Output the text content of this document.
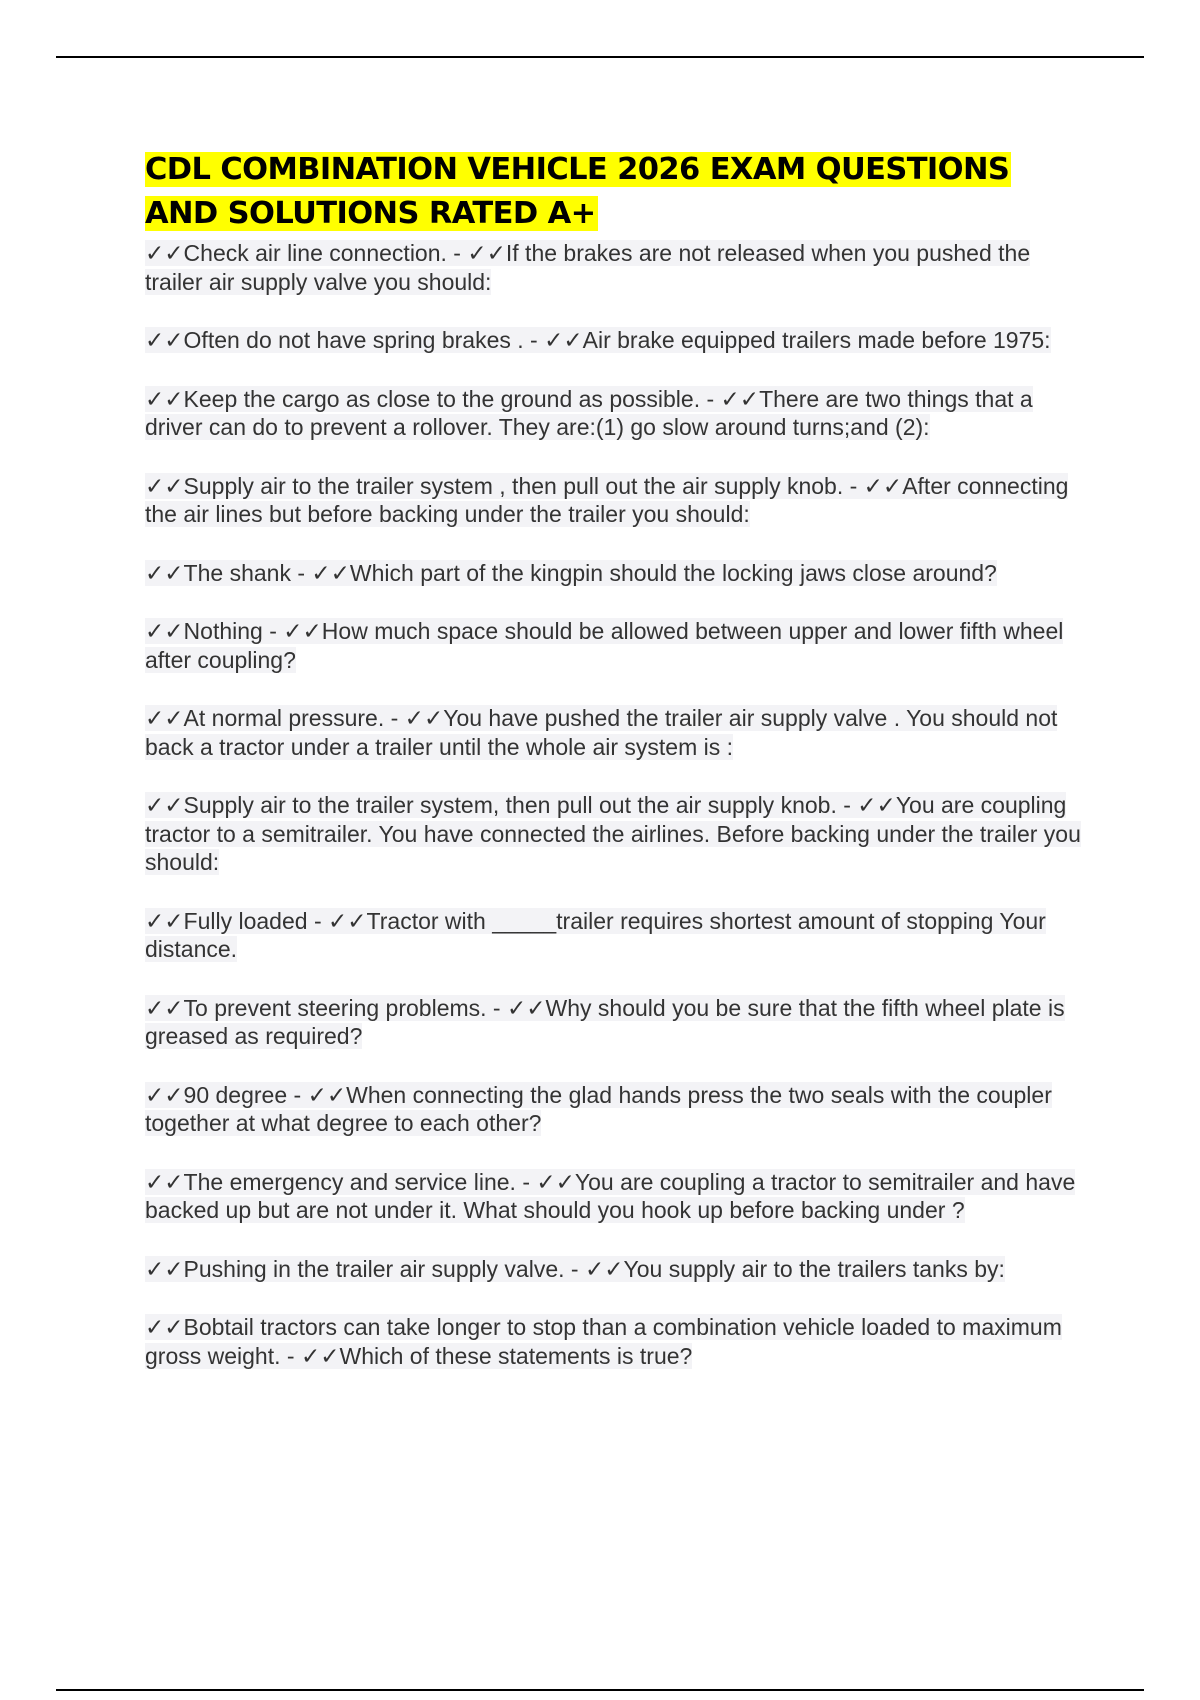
CDL COMBINATION VEHICLE 2026 EXAM QUESTIONS AND SOLUTIONS RATED A+

✓✓Check air line connection. - ✓✓If the brakes are not released when you pushed the trailer air supply valve you should:

✓✓Often do not have spring brakes . - ✓✓Air brake equipped trailers made before 1975:

✓✓Keep the cargo as close to the ground as possible. - ✓✓There are two things that a driver can do to prevent a rollover. They are:(1) go slow around turns;and (2):

✓✓Supply air to the trailer system , then pull out the air supply knob. - ✓✓After connecting the air lines but before backing under the trailer you should:

✓✓The shank - ✓✓Which part of the kingpin should the locking jaws close around?

✓✓Nothing - ✓✓How much space should be allowed between upper and lower fifth wheel after coupling?

✓✓At normal pressure. - ✓✓You have pushed the trailer air supply valve . You should not back a tractor under a trailer until the whole air system is :

✓✓Supply air to the trailer system, then pull out the air supply knob. - ✓✓You are coupling tractor to a semitrailer. You have connected the airlines. Before backing under the trailer you should:

✓✓Fully loaded - ✓✓Tractor with _____trailer requires shortest amount of stopping Your distance.

✓✓To prevent steering problems. - ✓✓Why should you be sure that the fifth wheel plate is greased as required?

✓✓90 degree - ✓✓When connecting the glad hands press the two seals with the coupler together at what degree to each other?

✓✓The emergency and service line. - ✓✓You are coupling a tractor to semitrailer and have backed up but are not under it. What should you hook up before backing under ?

✓✓Pushing in the trailer air supply valve. - ✓✓You supply air to the trailers tanks by:

✓✓Bobtail tractors can take longer to stop than a combination vehicle loaded to maximum gross weight. - ✓✓Which of these statements is true?
